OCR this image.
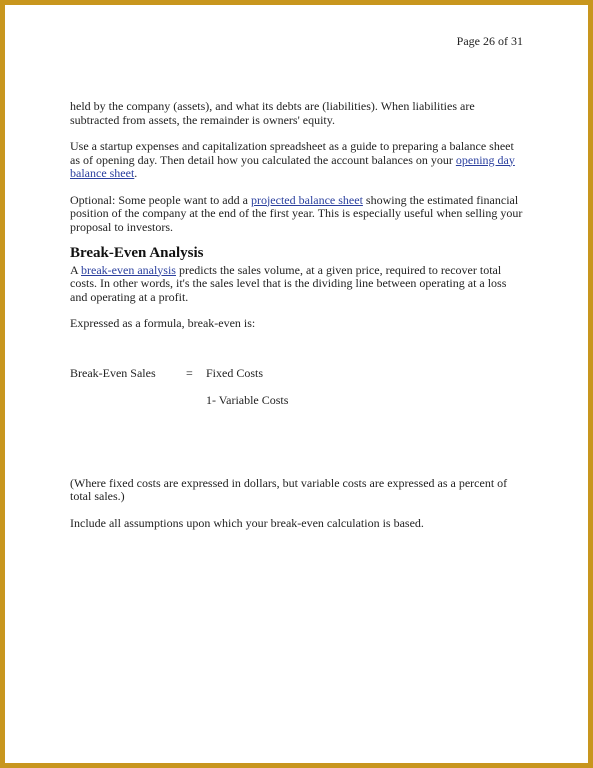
Page 26 of 31

held by the company (assets), and what its debts are (liabilities). When liabilities are subtracted from assets, the remainder is owners' equity.

Use a startup expenses and capitalization spreadsheet as a guide to preparing a balance sheet as of opening day. Then detail how you calculated the account balances on your opening day balance sheet.

Optional: Some people want to add a projected balance sheet showing the estimated financial position of the company at the end of the first year. This is especially useful when selling your proposal to investors.

Break-Even Analysis

A break-even analysis predicts the sales volume, at a given price, required to recover total costs. In other words, it's the sales level that is the dividing line between operating at a loss and operating at a profit.

Expressed as a formula, break-even is:

Break-Even Sales	= Fixed Costs
1- Variable Costs

(Where fixed costs are expressed in dollars, but variable costs are expressed as a percent of total sales.)

Include all assumptions upon which your break-even calculation is based.
